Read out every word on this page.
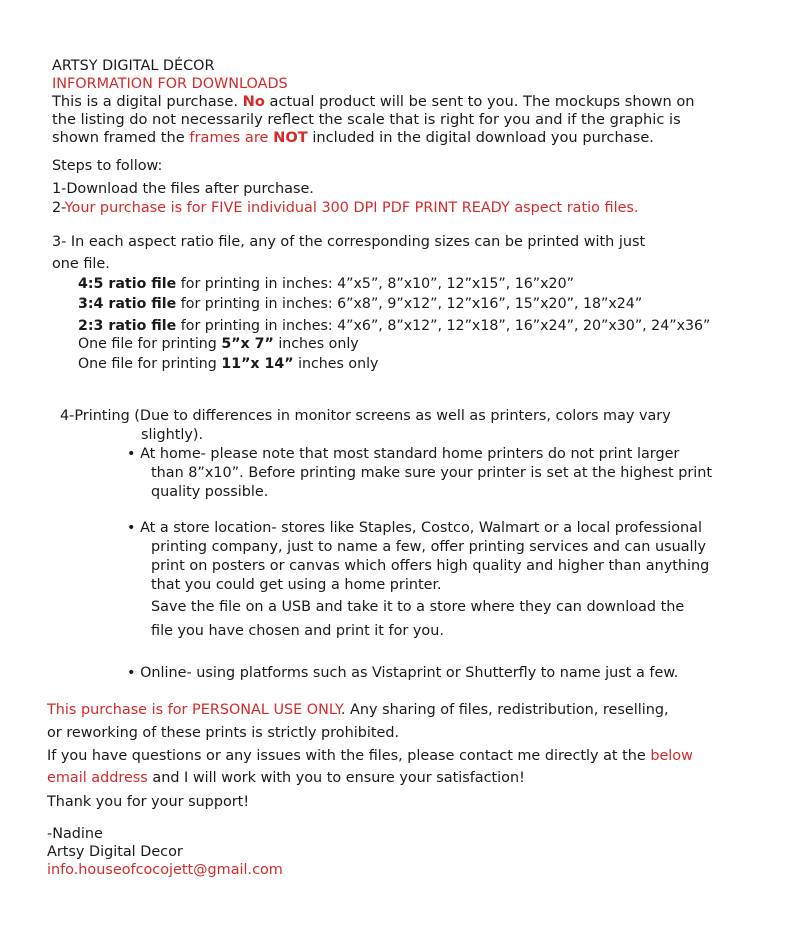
ARTSY DIGITAL DÉCOR
INFORMATION FOR DOWNLOADS
This is a digital purchase. No actual product will be sent to you. The mockups shown on
the listing do not necessarily reflect the scale that is right for you and if the graphic is
shown framed the frames are NOT included in the digital download you purchase.
Steps to follow:
1-Download the files after purchase.
2-Your purchase is for FIVE individual 300 DPI PDF PRINT READY aspect ratio files.
3- In each aspect ratio file, any of the corresponding sizes can be printed with just
one file.
4:5 ratio file for printing in inches: 4”x5”, 8”x10”, 12”x15”, 16”x20”
3:4 ratio file for printing in inches: 6”x8”, 9”x12”, 12”x16”, 15”x20”, 18”x24”
2:3 ratio file for printing in inches: 4”x6”, 8”x12”, 12”x18”, 16”x24”, 20”x30”, 24”x36”
One file for printing 5”x 7” inches only
One file for printing 11”x 14” inches only
4-Printing (Due to differences in monitor screens as well as printers, colors may vary
slightly).
• At home- please note that most standard home printers do not print larger
than 8”x10”. Before printing make sure your printer is set at the highest print
quality possible.
• At a store location- stores like Staples, Costco, Walmart or a local professional
printing company, just to name a few, offer printing services and can usually
print on posters or canvas which offers high quality and higher than anything
that you could get using a home printer.
Save the file on a USB and take it to a store where they can download the
file you have chosen and print it for you.
• Online- using platforms such as Vistaprint or Shutterfly to name just a few.
This purchase is for PERSONAL USE ONLY. Any sharing of files, redistribution, reselling,
or reworking of these prints is strictly prohibited.
If you have questions or any issues with the files, please contact me directly at the below
email address and I will work with you to ensure your satisfaction!
Thank you for your support!
-Nadine
Artsy Digital Decor
info.houseofcocojett@gmail.com
